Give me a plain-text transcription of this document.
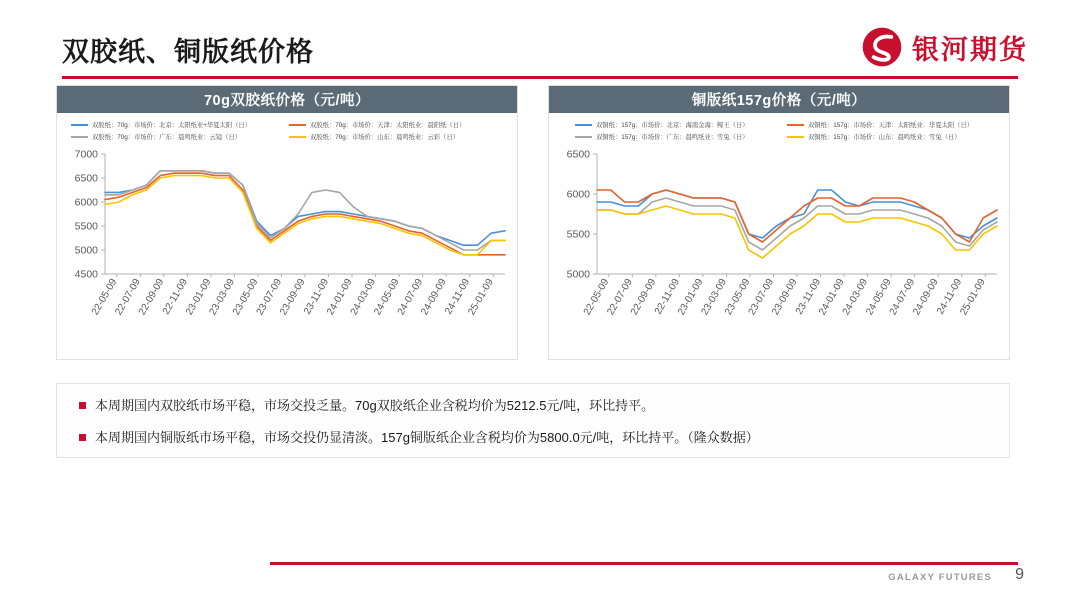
双胶纸、铜版纸价格	银河期货
70g双胶纸价格（元/吨）
双胶纸：70g：市场价：北京：太阳纸业+华夏太阳（日）	双胶纸：70g：市场价：天津：太阳纸业：晨阳纸（日）
双胶纸：70g：市场价：广东：晨鸣纸业：云镜（日）	双胶纸：70g：市场价：山东：晨鸣纸业：云彩（日）
4500
5000
5500
6000
6500
7000
22-05-09
22-07-09
22-09-09
22-11-09
23-01-09
23-03-09
23-05-09
23-07-09
23-09-09
23-11-09
24-01-09
24-03-09
24-05-09
24-07-09
24-09-09
24-11-09
25-01-09
铜版纸157g价格（元/吨）
双铜纸：157g：市场价：北京：海南金海：鲸王（日）	双铜纸：157g：市场价：天津：太阳纸业：华夏太阳（日）
双铜纸：157g：市场价：广东：晨鸣纸业：雪兔（日）	双铜纸：157g：市场价：山东：晨鸣纸业：雪兔（日）
5000
5500
6000
6500
22-05-09
22-07-09
22-09-09
22-11-09
23-01-09
23-03-09
23-05-09
23-07-09
23-09-09
23-11-09
24-01-09
24-03-09
24-05-09
24-07-09
24-09-09
24-11-09
25-01-09
本周期国内双胶纸市场平稳，市场交投乏量。70g双胶纸企业含税均价为5212.5元/吨，环比持平。
本周期国内铜版纸市场平稳，市场交投仍显清淡。157g铜版纸企业含税均价为5800.0元/吨，环比持平。（隆众数据）
GALAXY FUTURES 9
